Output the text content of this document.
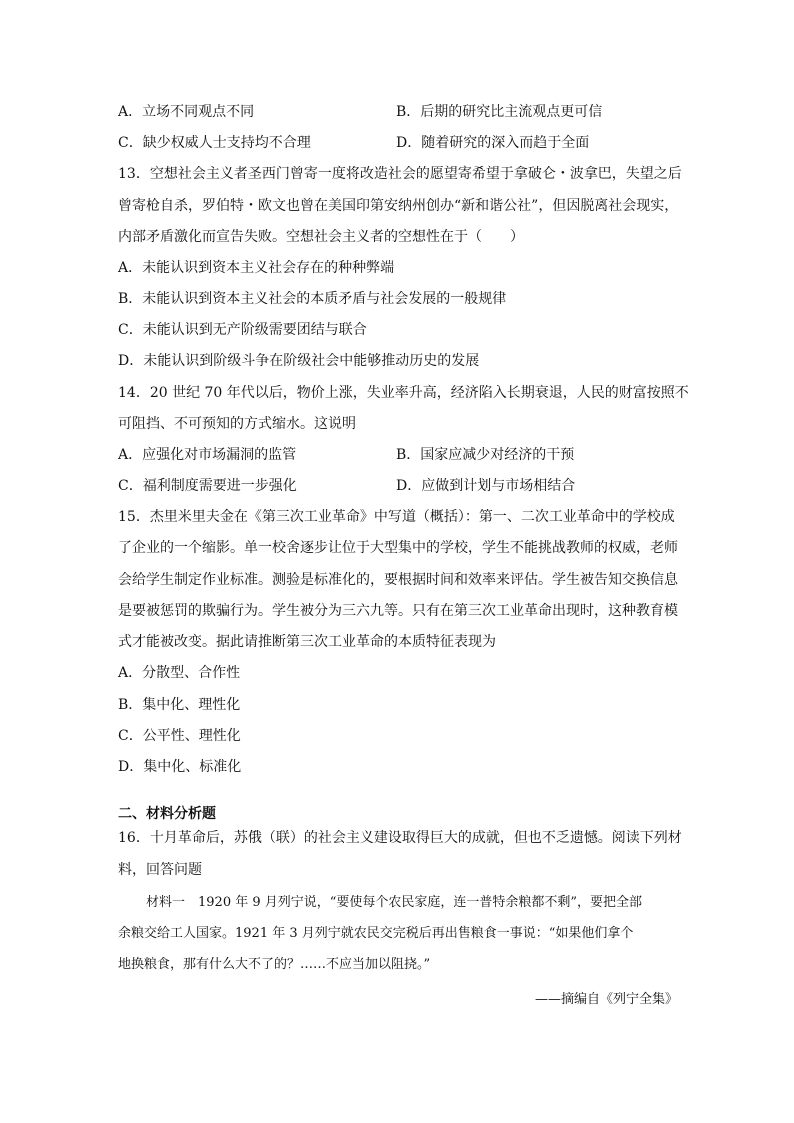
A．立场不同观点不同	B．后期的研究比主流观点更可信
C．缺少权威人士支持均不合理	D．随着研究的深入而趋于全面
13．空想社会主义者圣西门曾寄一度将改造社会的愿望寄希望于拿破仑・波拿巴，失望之后
曾寄枪自杀，罗伯特・欧文也曾在美国印第安纳州创办“新和谐公社”，但因脱离社会现实，
内部矛盾激化而宣告失败。空想社会主义者的空想性在于（　　）
A．未能认识到资本主义社会存在的种种弊端
B．未能认识到资本主义社会的本质矛盾与社会发展的一般规律
C．未能认识到无产阶级需要团结与联合
D．未能认识到阶级斗争在阶级社会中能够推动历史的发展
14．20 世纪 70 年代以后，物价上涨，失业率升高，经济陷入长期衰退，人民的财富按照不
可阻挡、不可预知的方式缩水。这说明
A．应强化对市场漏洞的监管	B．国家应减少对经济的干预
C．福利制度需要进一步强化	D．应做到计划与市场相结合
15．杰里米里夫金在《第三次工业革命》中写道（概括）：第一、二次工业革命中的学校成
了企业的一个缩影。单一校舍逐步让位于大型集中的学校，学生不能挑战教师的权威，老师
会给学生制定作业标准。测验是标准化的，要根据时间和效率来评估。学生被告知交换信息
是要被惩罚的欺骗行为。学生被分为三六九等。只有在第三次工业革命出现时，这种教育模
式才能被改变。据此请推断第三次工业革命的本质特征表现为
A．分散型、合作性
B．集中化、理性化
C．公平性、理性化
D．集中化、标准化
二、材料分析题
16．十月革命后，苏俄（联）的社会主义建设取得巨大的成就，但也不乏遗憾。阅读下列材
料，回答问题
材料一　1920 年 9 月列宁说，“要使每个农民家庭，连一普特余粮都不剩”，要把全部
余粮交给工人国家。1921 年 3 月列宁就农民交完税后再出售粮食一事说：“如果他们拿个
地换粮食，那有什么大不了的？……不应当加以阻挠。”
——摘编自《列宁全集》
